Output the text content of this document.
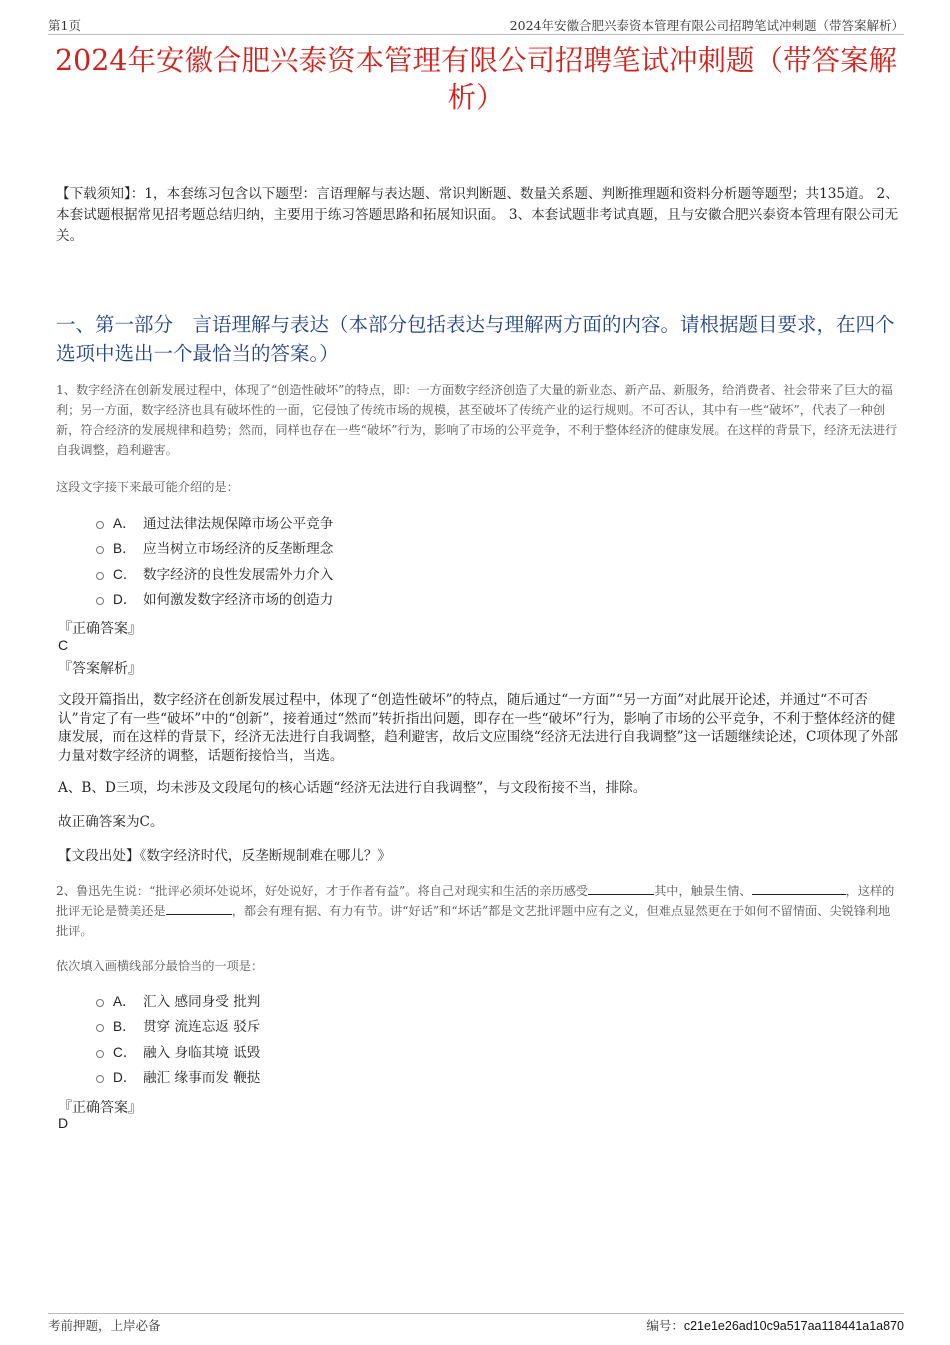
第1页	2024年安徽合肥兴泰资本管理有限公司招聘笔试冲刺题（带答案解析）
2024年安徽合肥兴泰资本管理有限公司招聘笔试冲刺题（带答案解析）
【下载须知】：1，本套练习包含以下题型：言语理解与表达题、常识判断题、数量关系题、判断推理题和资料分析题等题型；共135道。 2、本套试题根据常见招考题总结归纳，主要用于练习答题思路和拓展知识面。 3、本套试题非考试真题，且与安徽合肥兴泰资本管理有限公司无关。
一、第一部分　言语理解与表达（本部分包括表达与理解两方面的内容。请根据题目要求，在四个选项中选出一个最恰当的答案。）
1、数字经济在创新发展过程中，体现了“创造性破坏”的特点，即：一方面数字经济创造了大量的新业态、新产品、新服务，给消费者、社会带来了巨大的福利；另一方面，数字经济也具有破坏性的一面，它侵蚀了传统市场的规模，甚至破坏了传统产业的运行规则。不可否认，其中有一些“破坏”，代表了一种创新，符合经济的发展规律和趋势；然而，同样也存在一些“破坏”行为，影响了市场的公平竞争，不利于整体经济的健康发展。在这样的背景下，经济无法进行自我调整，趋利避害。
这段文字接下来最可能介绍的是：
A． 通过法律法规保障市场公平竞争
B． 应当树立市场经济的反垄断理念
C． 数字经济的良性发展需外力介入
D． 如何激发数字经济市场的创造力
『正确答案』
C
『答案解析』
文段开篇指出，数字经济在创新发展过程中，体现了“创造性破坏”的特点，随后通过“一方面”“另一方面”对此展开论述，并通过“不可否认”肯定了有一些“破坏”中的“创新”，接着通过“然而”转折指出问题，即存在一些“破坏”行为，影响了市场的公平竞争，不利于整体经济的健康发展，而在这样的背景下，经济无法进行自我调整，趋利避害，故后文应围绕“经济无法进行自我调整”这一话题继续论述，C项体现了外部力量对数字经济的调整，话题衔接恰当，当选。
A、B、D三项，均未涉及文段尾句的核心话题“经济无法进行自我调整”，与文段衔接不当，排除。
故正确答案为C。
【文段出处】《数字经济时代，反垄断规制难在哪儿？》
2、鲁迅先生说：“批评必须坏处说坏，好处说好，才于作者有益”。将自己对现实和生活的亲历感受	其中，触景生情、	，这样的批评无论是赞美还是	，都会有理有据、有力有节。讲“好话”和“坏话”都是文艺批评题中应有之义，但难点显然更在于如何不留情面、尖锐锋利地批评。
依次填入画横线部分最恰当的一项是：
A． 汇入 感同身受 批判
B． 贯穿 流连忘返 驳斥
C． 融入 身临其境 诋毁
D． 融汇 缘事而发 鞭挞
『正确答案』
D
考前押题，上岸必备	编号：c21e1e26ad10c9a517aa118441a1a870
